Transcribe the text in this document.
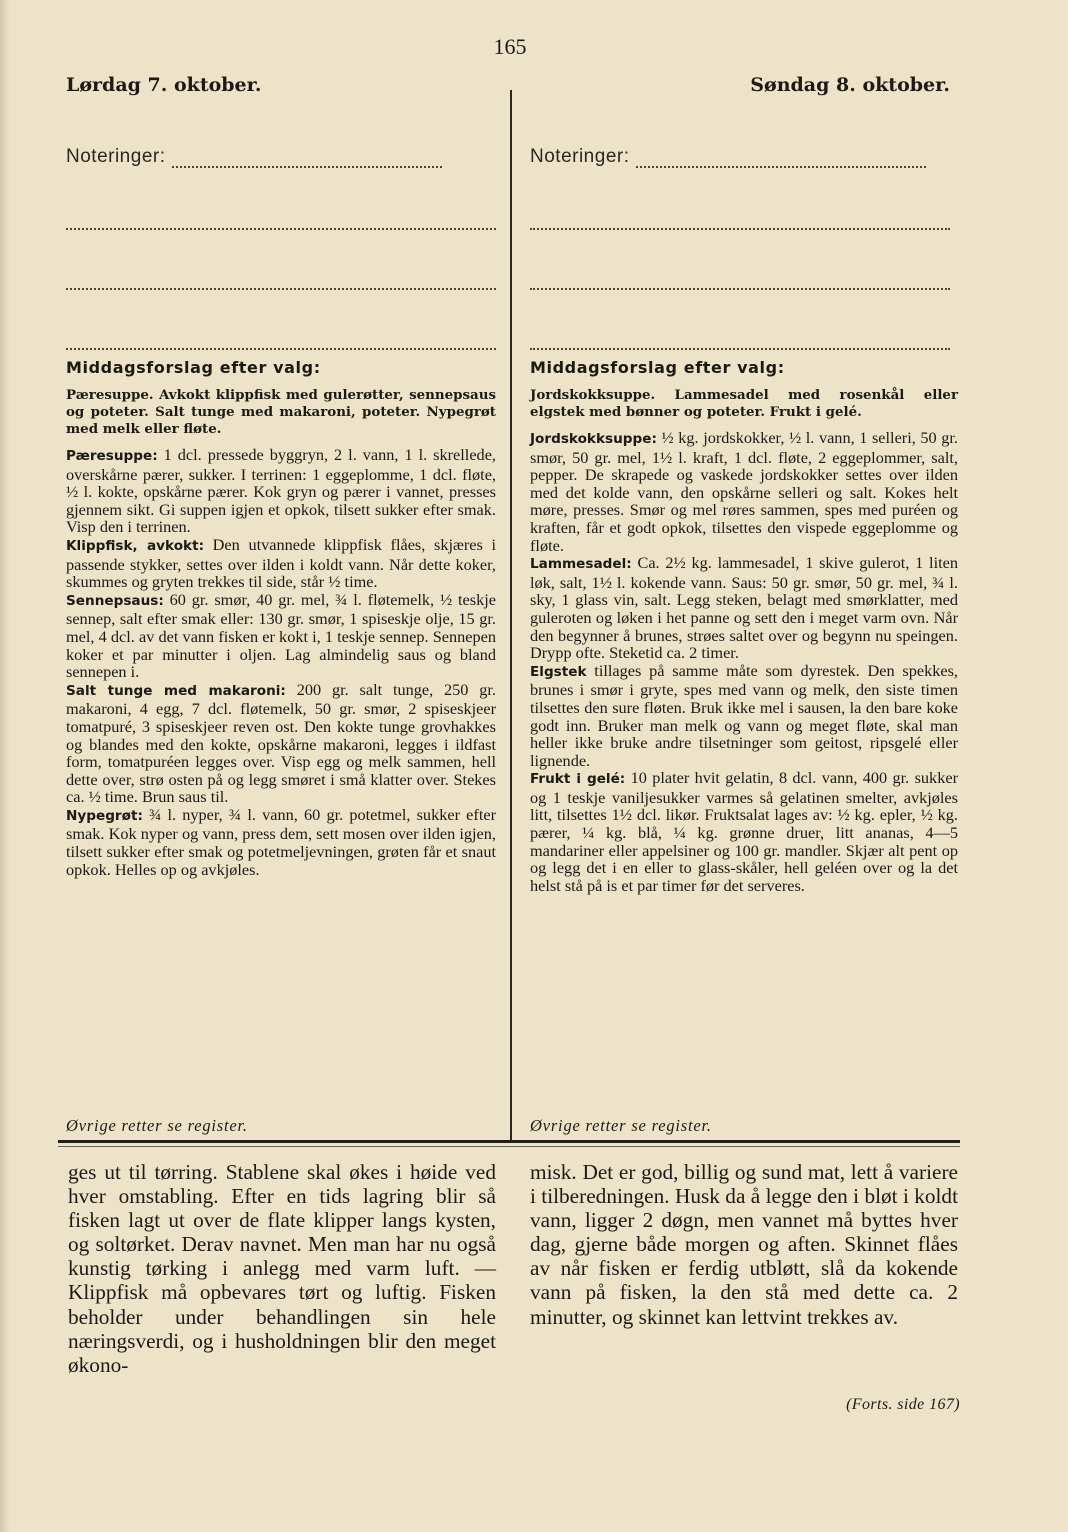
165
Lørdag 7. oktober.	Søndag 8. oktober.
Noteringer:
Middagsforslag efter valg:
Pæresuppe. Avkokt klippfisk med gulerøtter, sennepsaus og poteter. Salt tunge med makaroni, poteter. Nypegrøt med melk eller fløte.

Pæresuppe: 1 dcl. pressede byggryn, 2 l. vann, 1 l. skrellede, overskårne pærer, sukker. I terrinen: 1 eggeplomme, 1 dcl. fløte, ½ l. kokte, opskårne pærer. Kok gryn og pærer i vannet, presses gjennem sikt. Gi suppen igjen et opkok, tilsett sukker efter smak. Visp den i terrinen.

Klippfisk, avkokt: Den utvannede klippfisk flåes, skjæres i passende stykker, settes over ilden i koldt vann. Når dette koker, skummes og gryten trekkes til side, står ½ time.

Sennepsaus: 60 gr. smør, 40 gr. mel, ¾ l. fløtemelk, ½ teskje sennep, salt efter smak eller: 130 gr. smør, 1 spiseskje olje, 15 gr. mel, 4 dcl. av det vann fisken er kokt i, 1 teskje sennep. Sennepen koker et par minutter i oljen. Lag almindelig saus og bland sennepen i.

Salt tunge med makaroni: 200 gr. salt tunge, 250 gr. makaroni, 4 egg, 7 dcl. fløtemelk, 50 gr. smør, 2 spiseskjeer tomatpuré, 3 spiseskjeer reven ost. Den kokte tunge grovhakkes og blandes med den kokte, opskårne makaroni, legges i ildfast form, tomatpuréen legges over. Visp egg og melk sammen, hell dette over, strø osten på og legg smøret i små klatter over. Stekes ca. ½ time. Brun saus til.

Nypegrøt: ¾ l. nyper, ¾ l. vann, 60 gr. potetmel, sukker efter smak. Kok nyper og vann, press dem, sett mosen over ilden igjen, tilsett sukker efter smak og potetmeljevningen, grøten får et snaut opkok. Helles op og avkjøles.

Øvrige retter se register.
Noteringer:
Middagsforslag efter valg:
Jordskokksuppe. Lammesadel med rosenkål eller elgstek med bønner og poteter. Frukt i gelé.

Jordskokksuppe: ½ kg. jordskokker, ½ l. vann, 1 selleri, 50 gr. smør, 50 gr. mel, 1½ l. kraft, 1 dcl. fløte, 2 eggeplommer, salt, pepper. De skrapede og vaskede jordskokker settes over ilden med det kolde vann, den opskårne selleri og salt. Kokes helt møre, presses. Smør og mel røres sammen, spes med puréen og kraften, får et godt opkok, tilsettes den vispede eggeplomme og fløte.

Lammesadel: Ca. 2½ kg. lammesadel, 1 skive gulerot, 1 liten løk, salt, 1½ l. kokende vann. Saus: 50 gr. smør, 50 gr. mel, ¾ l. sky, 1 glass vin, salt. Legg steken, belagt med smørklatter, med guleroten og løken i het panne og sett den i meget varm ovn. Når den begynner å brunes, strøes saltet over og begynn nu speingen. Drypp ofte. Steketid ca. 2 timer.

Elgstek tillages på samme måte som dyrestek. Den spekkes, brunes i smør i gryte, spes med vann og melk, den siste timen tilsettes den sure fløten. Bruk ikke mel i sausen, la den bare koke godt inn. Bruker man melk og vann og meget fløte, skal man heller ikke bruke andre tilsetninger som geitost, ripsgelé eller lignende.

Frukt i gelé: 10 plater hvit gelatin, 8 dcl. vann, 400 gr. sukker og 1 teskje vaniljesukker varmes så gelatinen smelter, avkjøles litt, tilsettes 1½ dcl. likør. Fruktsalat lages av: ½ kg. epler, ½ kg. pærer, ¼ kg. blå, ¼ kg. grønne druer, litt ananas, 4—5 mandariner eller appelsiner og 100 gr. mandler. Skjær alt pent op og legg det i en eller to glass-skåler, hell geléen over og la det helst stå på is et par timer før det serveres.

Øvrige retter se register.
ges ut til tørring. Stablene skal økes i høide ved hver omstabling. Efter en tids lagring blir så fisken lagt ut over de flate klipper langs kysten, og soltørket. Derav navnet. Men man har nu også kunstig tørking i anlegg med varm luft. — Klippfisk må opbevares tørt og luftig. Fisken beholder under behandlingen sin hele næringsverdi, og i husholdningen blir den meget økono-
misk. Det er god, billig og sund mat, lett å variere i tilberedningen. Husk da å legge den i bløt i koldt vann, ligger 2 døgn, men vannet må byttes hver dag, gjerne både morgen og aften. Skinnet flåes av når fisken er ferdig utbløtt, slå da kokende vann på fisken, la den stå med dette ca. 2 minutter, og skinnet kan lettvint trekkes av.
(Forts. side 167)
